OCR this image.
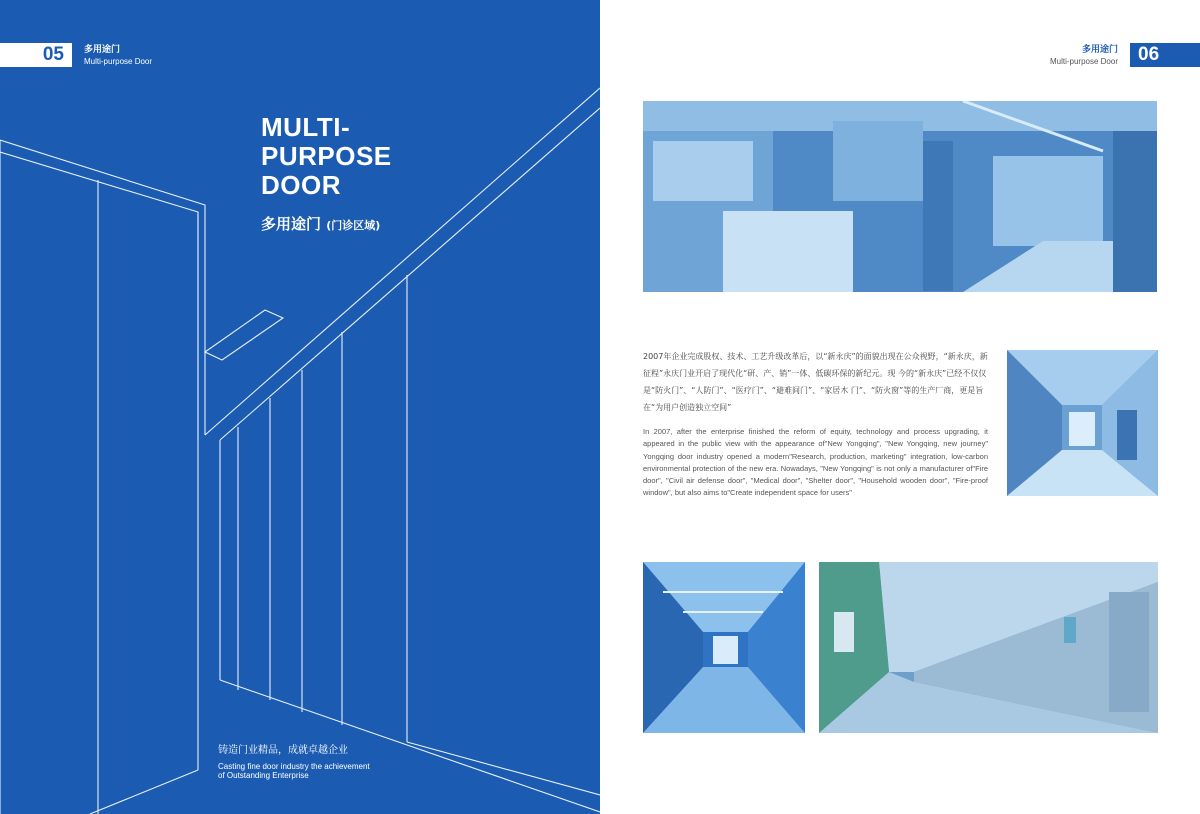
05 多用途门
Multi-purpose Door
MULTI-
PURPOSE
DOOR
多用途门 (门诊区域)
铸造门业精品，成就卓越企业
Casting fine door industry the achievement
of Outstanding Enterprise
多用途门
Multi-purpose Door 06
2007年企业完成股权、技术、工艺升级改革后，以“新永庆”的面貌出现在公众视野，“新永庆，新征程”永庆门业开启了现代化“研、产、销”一体、低碳环保的新纪元。现 今的“新永庆”已经不仅仅是“防火门”、“人防门”、“医疗门”、“避难间门”、“家居木 门”、“防火窗”等的生产厂商，更是旨在“为用户创造独立空间”
In 2007, after the enterprise finished the reform of equity, technology and process upgrading, it appeared in the public view with the appearance of"New Yongqing", "New Yongqing, new journey" Yongqing door industry opened a modern"Research, production, marketing" integration, low-carbon environmental protection of the new era. Nowadays, "New Yongqing" is not only a manufacturer of"Fire door", "Civil air defense door", "Medical door", "Shelter door", "Household wooden door", "Fire-proof window", but also aims to"Create independent space for users"
